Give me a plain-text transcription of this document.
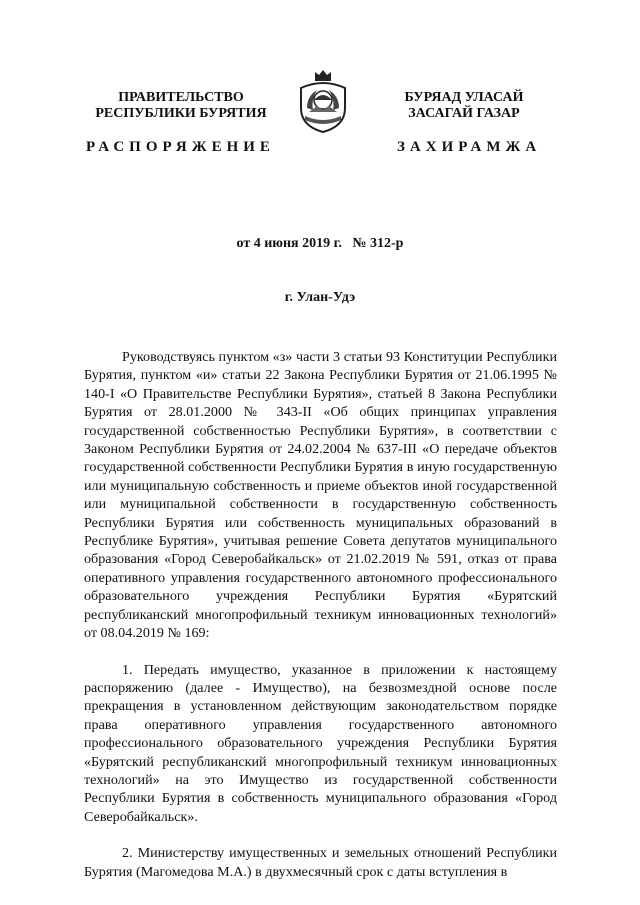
ПРАВИТЕЛЬСТВО
РЕСПУБЛИКИ БУРЯТИЯ
БУРЯАД УЛАСАЙ
ЗАСАГАЙ ГАЗАР
РАСПОРЯЖЕНИЕ	ЗАХИРАМЖА
от 4 июня 2019 г. № 312-р
г. Улан-Удэ

Руководствуясь пунктом «з» части 3 статьи 93 Конституции Республики Бурятия, пунктом «и» статьи 22 Закона Республики Бурятия от 21.06.1995 № 140-I «О Правительстве Республики Бурятия», статьей 8 Закона Республики Бурятия от 28.01.2000 № 343-II «Об общих принципах управления государственной собственностью Республики Бурятия», в соответствии с Законом Республики Бурятия от 24.02.2004 № 637-III «О передаче объектов государственной собственности Республики Бурятия в иную государственную или муниципальную собственность и приеме объектов иной государственной или муниципальной собственности в государственную собственность Республики Бурятия или собственность муниципальных образований в Республике Бурятия», учитывая решение Совета депутатов муниципального образования «Город Северобайкальск» от 21.02.2019 № 591, отказ от права оперативного управления государственного автономного профессионального образовательного учреждения Республики Бурятия «Бурятский республиканский многопрофильный техникум инновационных технологий» от 08.04.2019 № 169:

1. Передать имущество, указанное в приложении к настоящему распоряжению (далее - Имущество), на безвозмездной основе после прекращения в установленном действующим законодательством порядке права оперативного управления государственного автономного профессионального образовательного учреждения Республики Бурятия «Бурятский республиканский многопрофильный техникум инновационных технологий» на это Имущество из государственной собственности Республики Бурятия в собственность муниципального образования «Город Северобайкальск».

2. Министерству имущественных и земельных отношений Республики Бурятия (Магомедова М.А.) в двухмесячный срок с даты вступления в
